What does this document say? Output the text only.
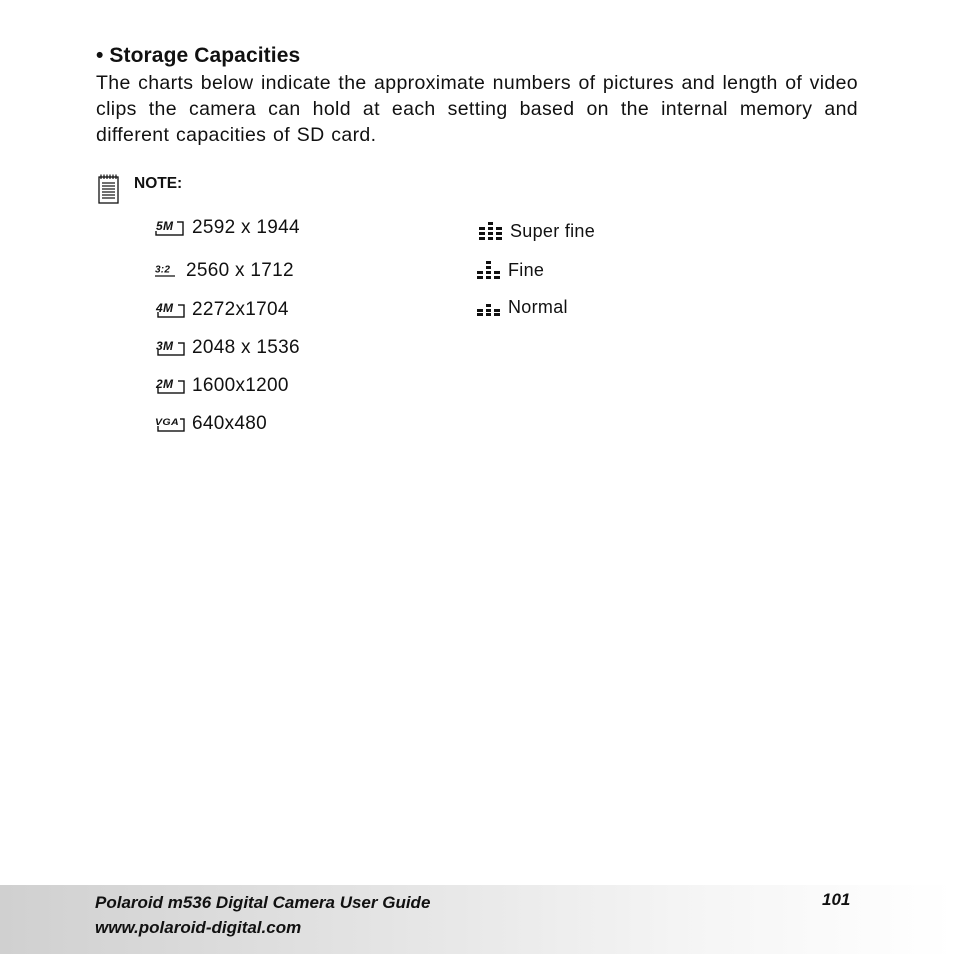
• Storage Capacities

The charts below indicate the approximate numbers of pictures and length of video clips the camera can hold at each setting based on the internal memory and different capacities of SD card.

NOTE:
5M 2592 x 1944
3:2 2560 x 1712
4M 2272x1704
3M 2048 x 1536
2M 1600x1200
VGA 640x480
Super fine
Fine
Normal
Polaroid m536 Digital Camera User Guide
www.polaroid-digital.com
101
